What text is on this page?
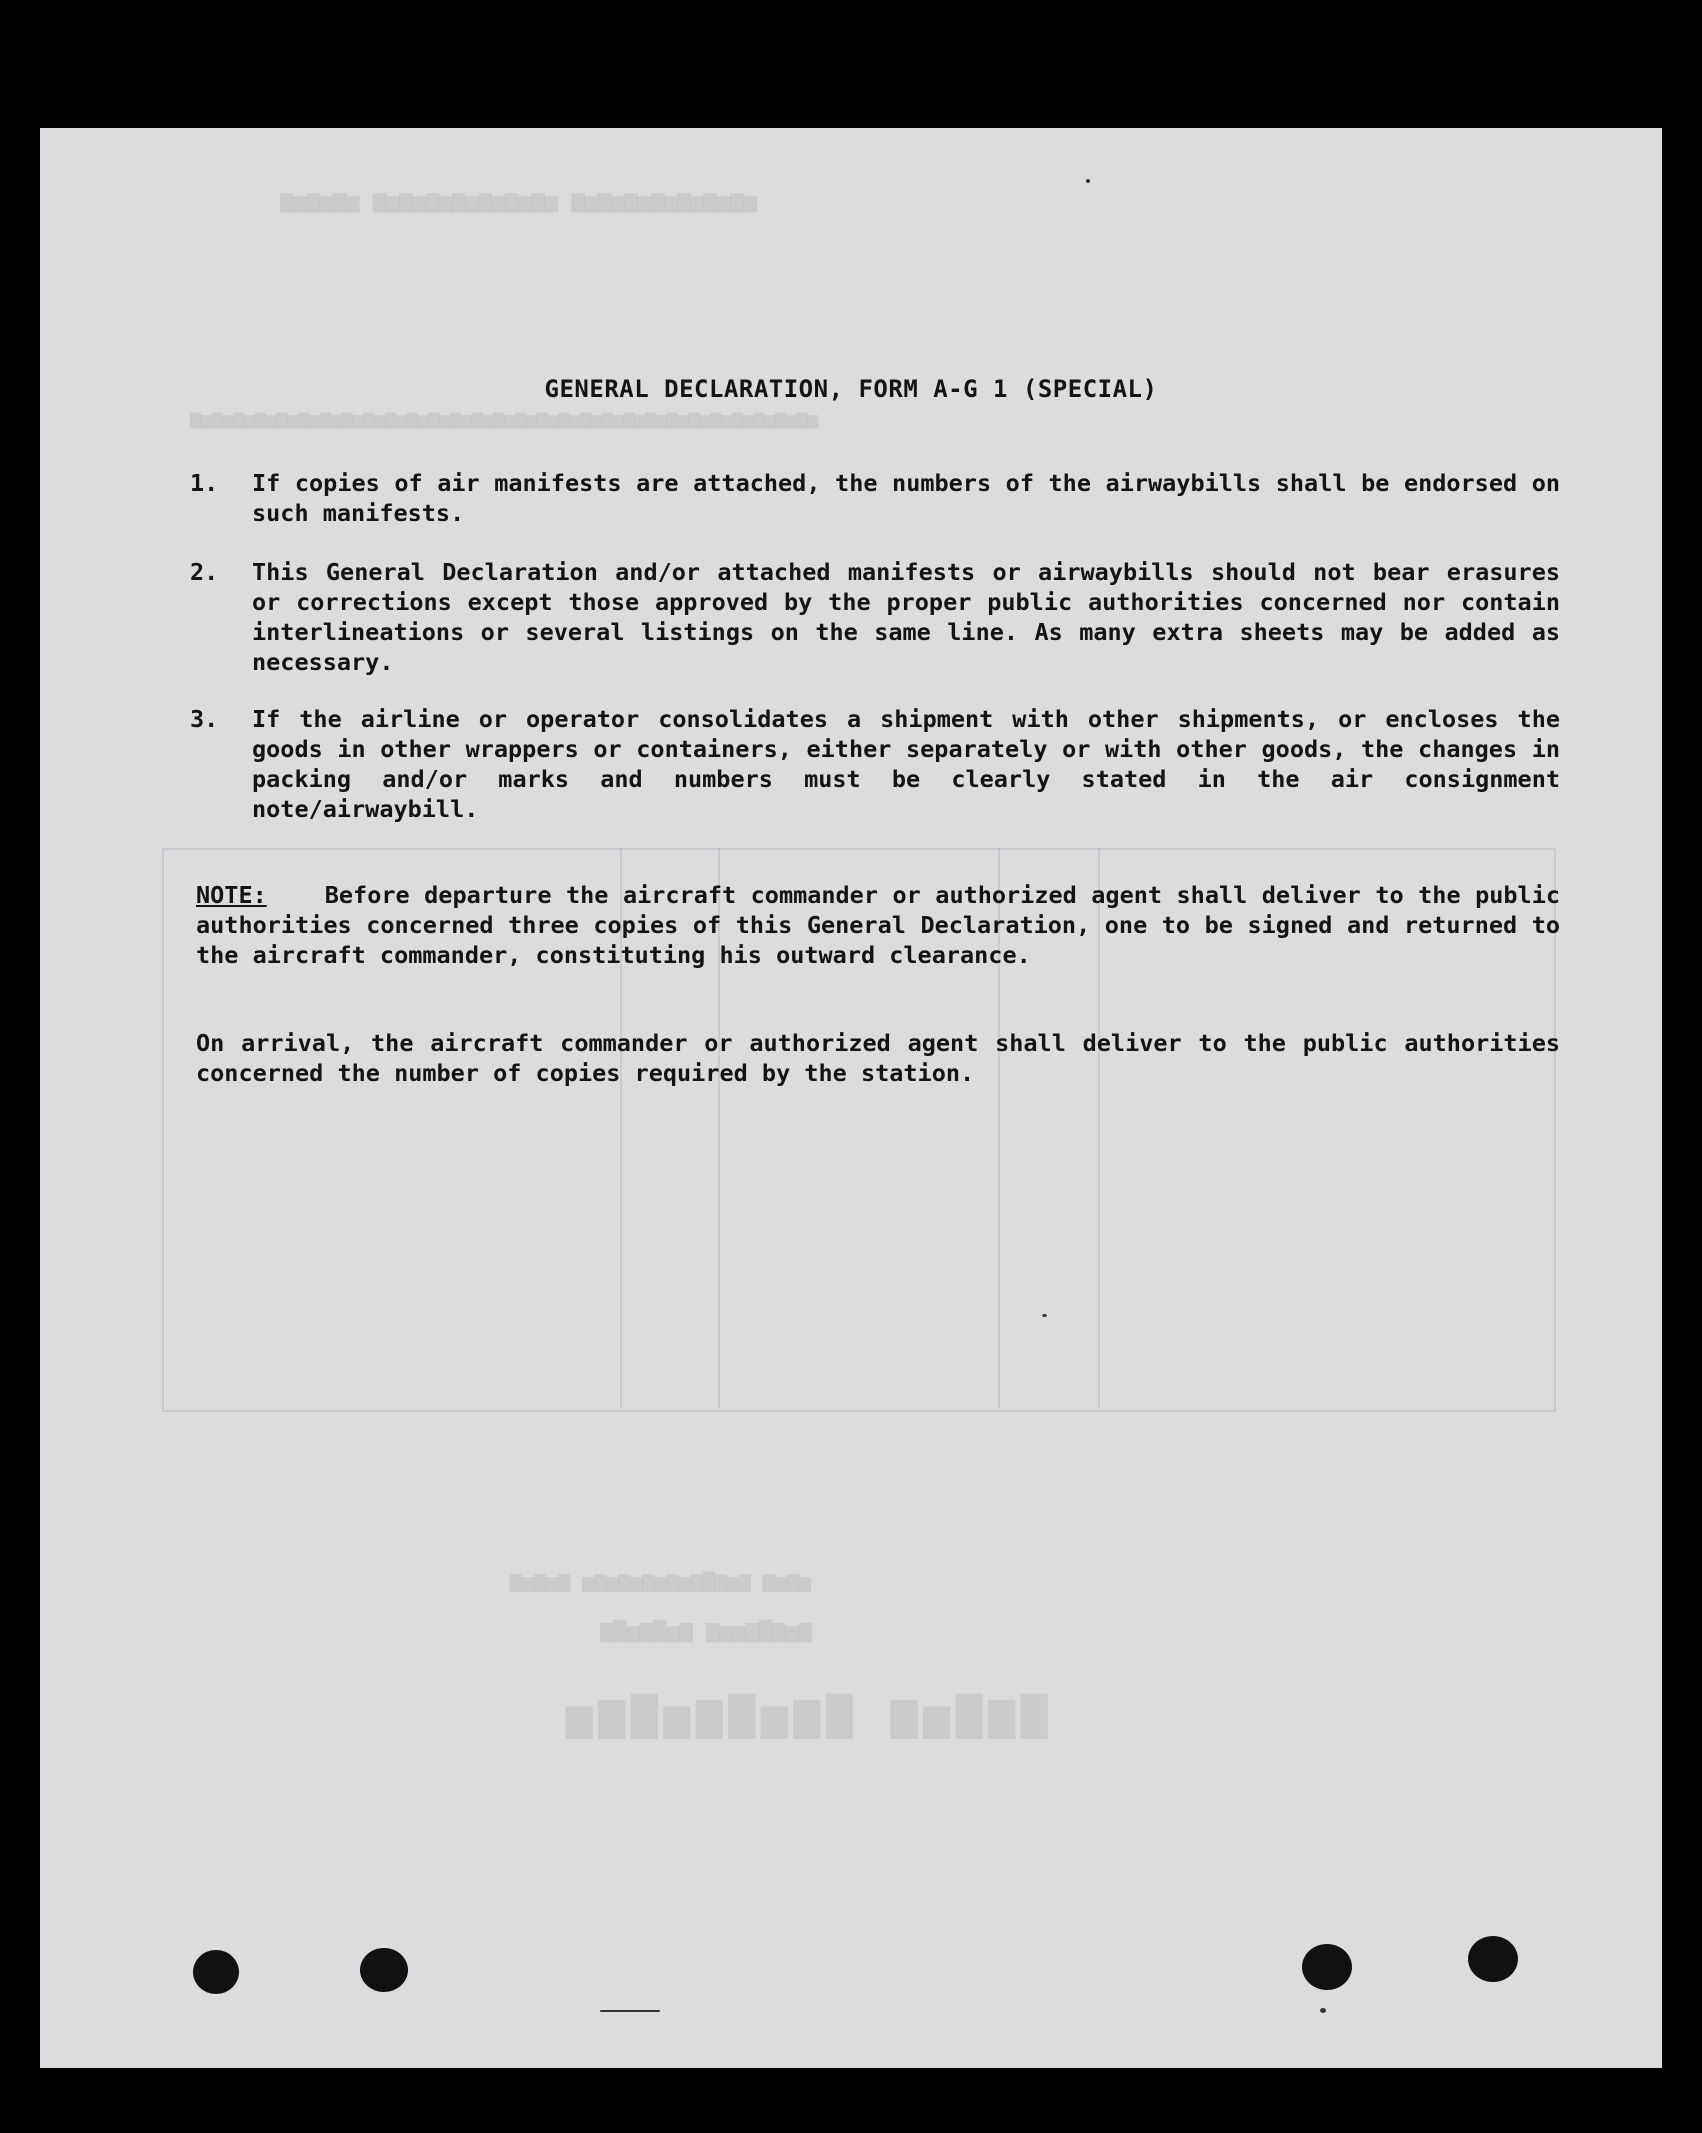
▇▆▇▅▆ ▇▆▅▇▆▅▇▆▅
▆▅▆▇▆▅▅▆ ▆▅▇▆▅▇▆
▅▆▅▆ ▆▅▆▇▆▅▆▅▆▅▆▅▆▅ ▆▅▆▅▆
▅▆▅▆▅▆▅▆▅▆▅▆▅▆ ▅▆▅▆▅▆▅▆▅▆▅▆▅▆ ▅▆▅▆▅▆
▅▆▅▆▅▆▅▆▅▆▅▆▅▆▅▆▅▆▅▆▅▆▅▆▅▆▅▆▅▆▅▆▅▆▅▆▅▆▅▆▅▆▅▆▅▆▅▆▅▆▅▆▅▆▅▆▅▆
GENERAL DECLARATION, FORM A-G 1 (SPECIAL)
1.	If copies of air manifests are attached, the numbers of the airwaybills shall be endorsed on such manifests.

2.	This General Declaration and/or attached manifests or airwaybills should not bear erasures or corrections except those approved by the proper public authorities concerned nor contain interlineations or several listings on the same line. As many extra sheets may be added as necessary.

3.	If the airline or operator consolidates a shipment with other shipments, or encloses the goods in other wrappers or containers, either separately or with other goods, the changes in packing and/or marks and numbers must be clearly stated in the air consignment note/airwaybill.

NOTE: Before departure the aircraft commander or authorized agent shall deliver to the public authorities concerned three copies of this General Declaration, one to be signed and returned to the aircraft commander, constituting his outward clearance.

On arrival, the aircraft commander or authorized agent shall deliver to the public authorities concerned the number of copies required by the station.
